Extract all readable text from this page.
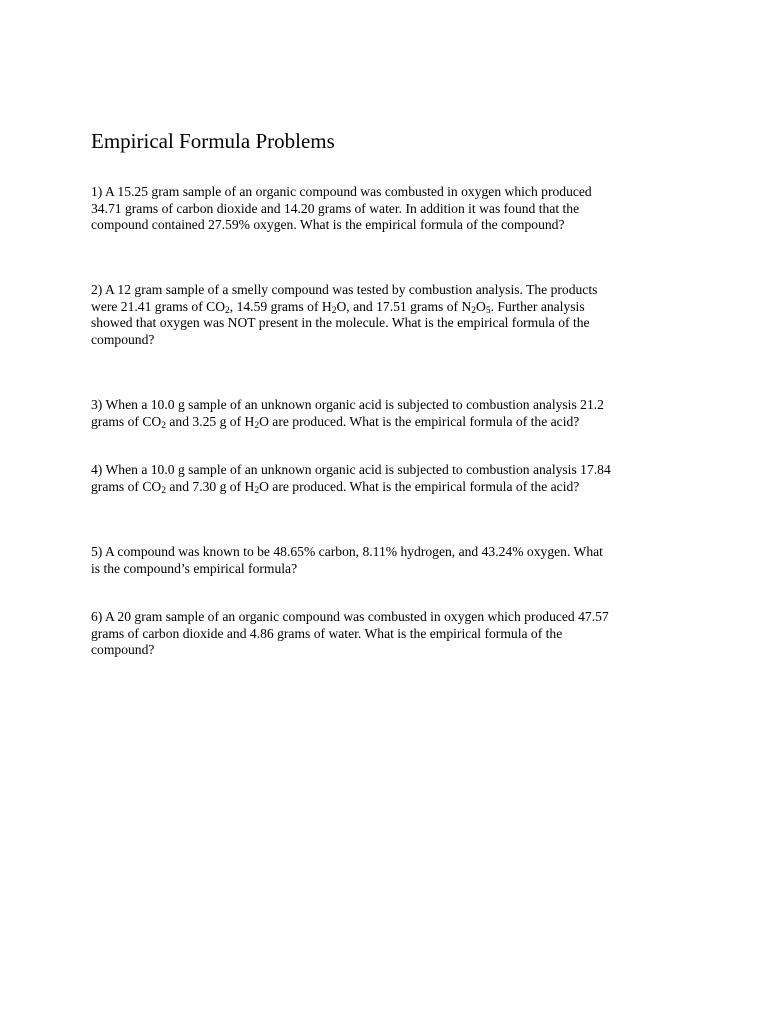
Empirical Formula Problems
1) A 15.25 gram sample of an organic compound was combusted in oxygen which produced
34.71 grams of carbon dioxide and 14.20 grams of water. In addition it was found that the
compound contained 27.59% oxygen. What is the empirical formula of the compound?
2) A 12 gram sample of a smelly compound was tested by combustion analysis. The products
were 21.41 grams of $CO_2$, 14.59 grams of $H_2O$, and 17.51 grams of $N_2O_5$. Further analysis
showed that oxygen was NOT present in the molecule. What is the empirical formula of the
compound?
3) When a 10.0 g sample of an unknown organic acid is subjected to combustion analysis 21.2
grams of $CO_2$ and 3.25 g of $H_2O$ are produced. What is the empirical formula of the acid?
4) When a 10.0 g sample of an unknown organic acid is subjected to combustion analysis 17.84
grams of $CO_2$ and 7.30 g of $H_2O$ are produced. What is the empirical formula of the acid?
5) A compound was known to be 48.65% carbon, 8.11% hydrogen, and 43.24% oxygen. What
is the compound’s empirical formula?
6) A 20 gram sample of an organic compound was combusted in oxygen which produced 47.57
grams of carbon dioxide and 4.86 grams of water. What is the empirical formula of the
compound?
